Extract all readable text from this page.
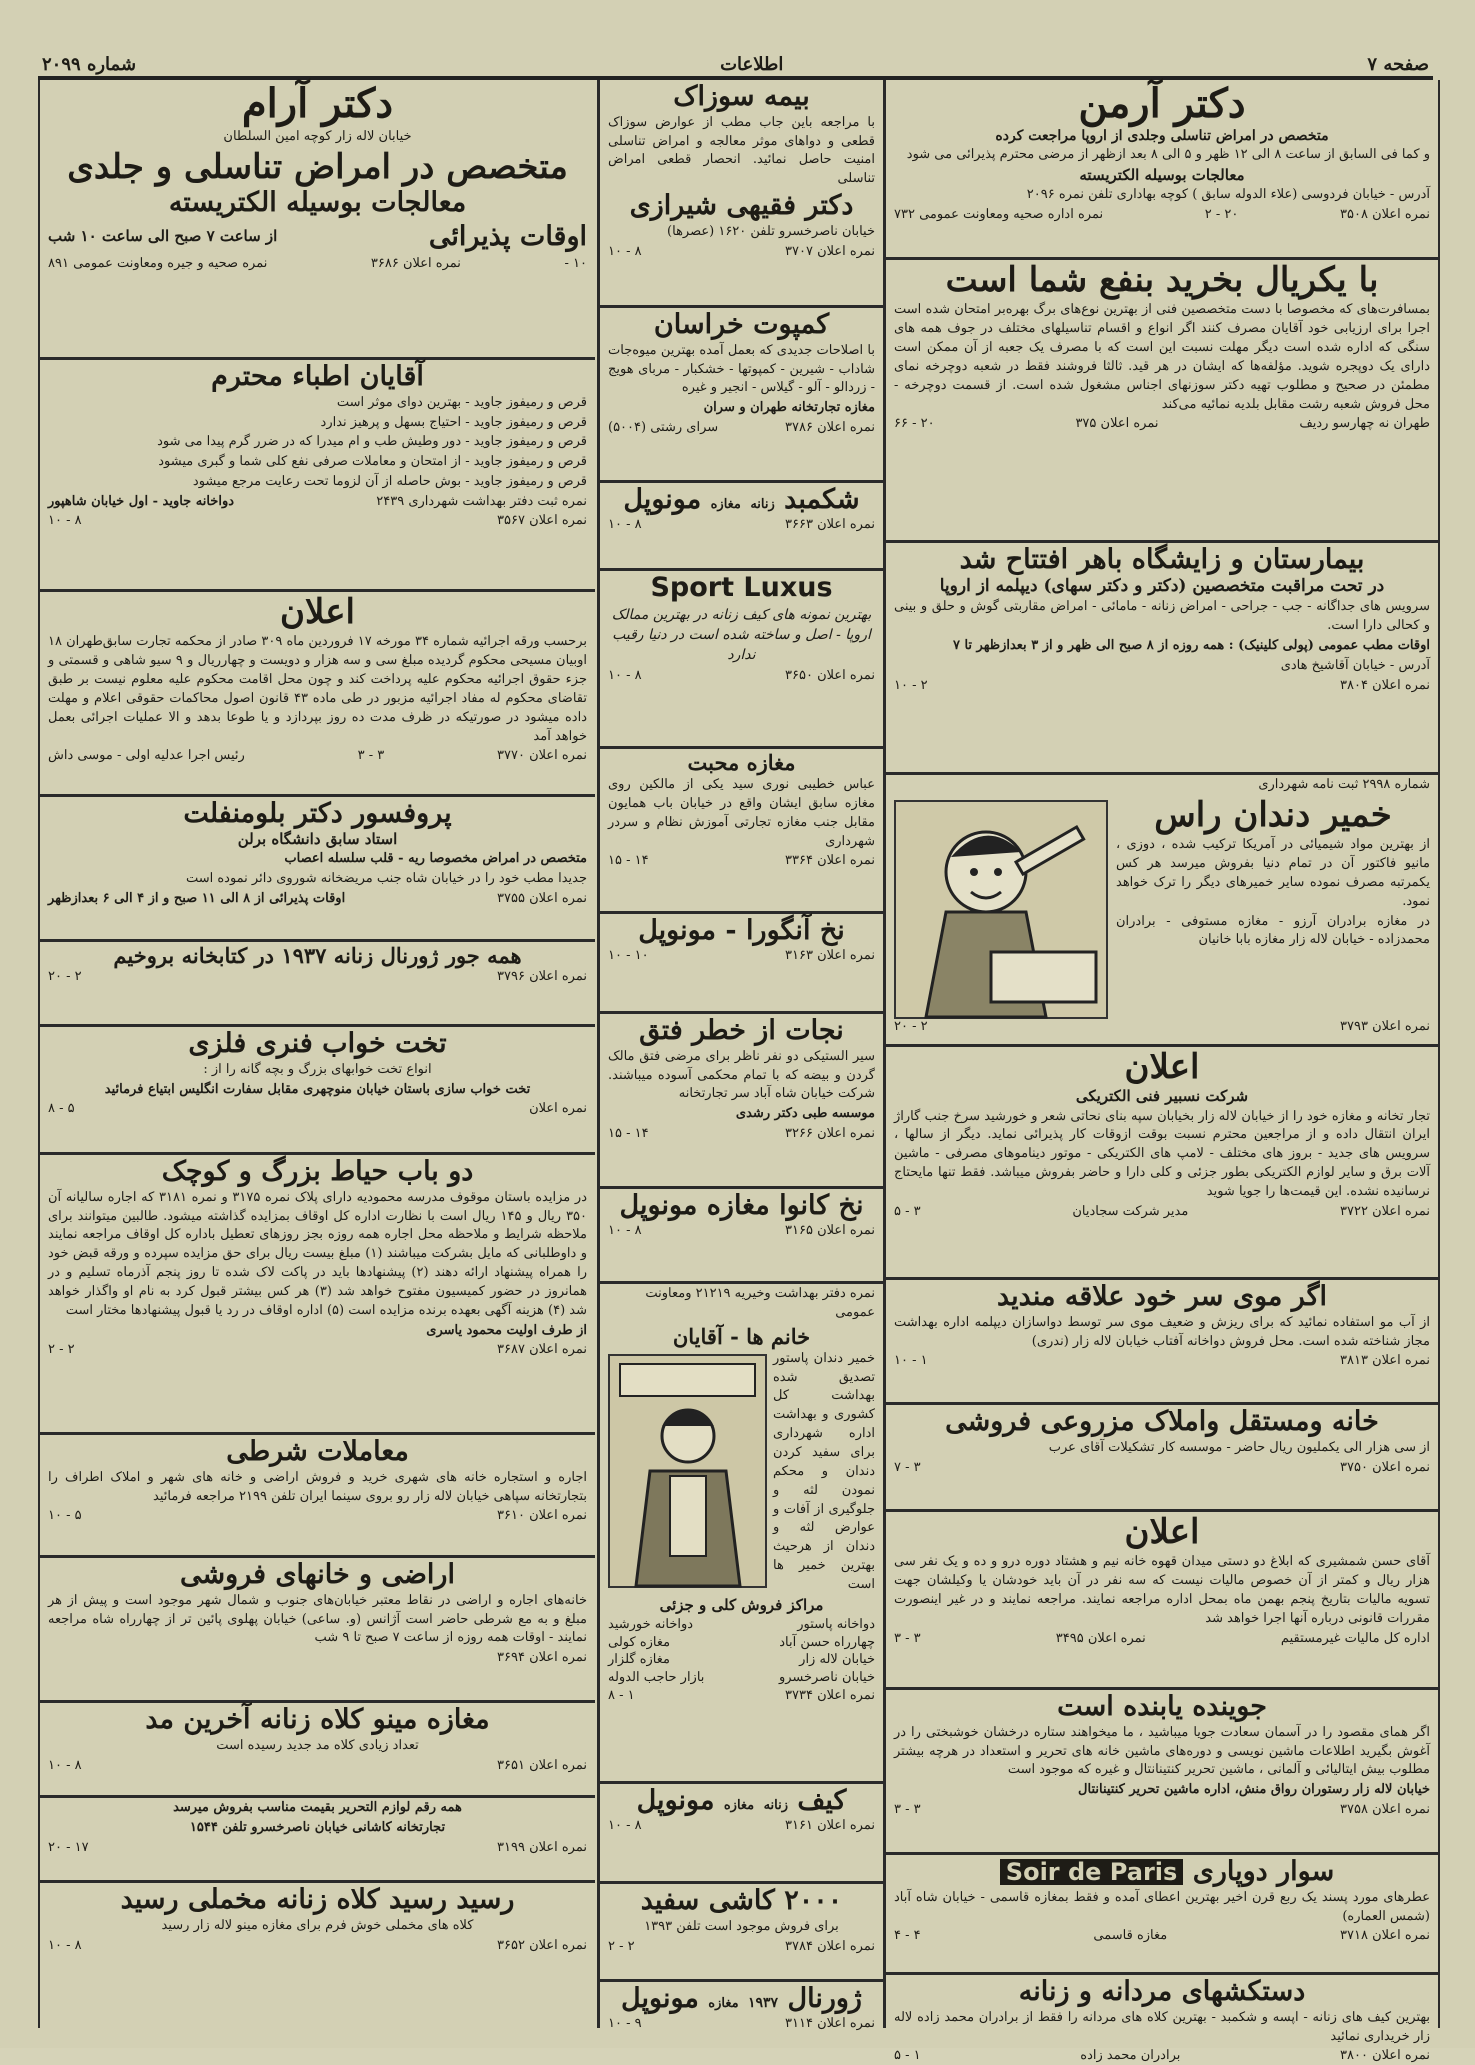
صفحه ۷
اطلاعات
شماره ۲۰۹۹
دکتر آرمن
متخصص در امراض تناسلی وجلدی از اروپا مراجعت کرده
و کما فی السابق از ساعت ۸ الی ۱۲ ظهر و ۵ الی ۸ بعد ازظهر از مرضی محترم پذیرائی می شود
معالجات بوسیله الکتریسته
آدرس - خیابان فردوسی (علاء الدوله سابق ) کوچه بهاداری تلفن نمره ۲۰۹۶
نمره اعلان ۳۵۰۸
۲۰ - ۲
نمره اداره صحیه ومعاونت عمومی ۷۳۲
با یکریال بخرید بنفع شما است
بمسافرت‌های که مخصوصا با دست متخصصین فنی از بهترین نوع‌های برگ بهره‌بر امتحان شده است اجرا برای ارزیابی خود آقایان مصرف کنند اگر انواع و اقسام تناسیلهای مختلف در جوف همه های سنگی که اداره شده است دیگر مهلت نسبت این است که با مصرف یک جعبه از آن ممکن است دارای یک دوپجره شوید. مؤلفه‌ها که ایشان در هر قید. ثالثا فروشند فقط در شعبه دوچرخه نمای مطمئن در صحیح و مطلوب تهیه دکتر سوزنهای اجناس مشغول شده است. از قسمت دوچرخه - محل فروش شعبه رشت مقابل بلدیه نمائیه می‌کند
طهران نه چهارسو ردیف
نمره اعلان ۳۷۵
۲۰ - ۶۶
بیمارستان و زایشگاه باهر افتتاح شد
در تحت مراقبت متخصصین (دکتر و دکتر سهای) دیپلمه از اروپا
سرویس های جداگانه - جب - جراحی - امراض زنانه - مامائی - امراض مقاربتی گوش و حلق و بینی و کحالی دارا است.
اوقات مطب عمومی (پولی کلینیک) : همه روزه از ۸ صبح الی ظهر و از ۳ بعدازظهر تا ۷
آدرس - خیابان آقاشیخ هادی
نمره اعلان ۳۸۰۴
۲ - ۱۰
شماره ۲۹۹۸ ثبت نامه شهرداری
خمیر دندان راس
از بهترین مواد شیمیائی در آمریکا ترکیب شده ، دوزی ، مانیو فاکتور آن در تمام دنیا بفروش میرسد هر کس یکمرتبه مصرف نموده سایر خمیرهای دیگر را ترک خواهد نمود.
در مغازه برادران آرزو - مغازه مستوفی - برادران محمدزاده - خیابان لاله زار مغازه بابا خانیان
نمره اعلان ۳۷۹۳
۲ - ۲۰
اعلان
شرکت نسبیر فنی الکتریکی
تجار تخانه و مغازه خود را از خیابان لاله زار بخیابان سپه بنای نحاتی شعر و خورشید سرخ جنب گاراژ ایران انتقال داده و از مراجعین محترم نسبت بوقت ازوقات کار پذیرائی نماید. دیگر از سالها ، سرویس های جدید - بروز های مختلف - لامپ های الکتریکی - موتور دیناموهای مصرفی - ماشین آلات برق و سایر لوازم الکتریکی بطور جزئی و کلی دارا و حاضر بفروش میباشد. فقط تنها مایحتاج نرسانیده نشده. این قیمت‌ها را جویا شوید
نمره اعلان ۳۷۲۲
مدیر شرکت سجادیان
۳ - ۵
اگر موی سر خود علاقه مندید
از آب مو استفاده نمائید که برای ریزش و ضعیف موی سر توسط دواسازان دیپلمه اداره بهداشت مجاز شناخته شده است. محل فروش دواخانه آفتاب خیابان لاله زار (ندری)
نمره اعلان ۳۸۱۳
۱ - ۱۰
خانه ومستقل واملاک مزروعی فروشی
از سی هزار الی یکملیون ریال حاضر - موسسه کار تشکیلات آقای عرب
نمره اعلان ۳۷۵۰
۳ - ۷
اعلان
آقای حسن شمشیری که ابلاغ دو دستی میدان قهوه خانه نیم و هشتاد دوره درو و ده و یک نفر سی هزار ریال و کمتر از آن خصوص مالیات نیست که سه نفر در آن باید خودشان یا وکیلشان جهت تسویه مالیات بتاریخ پنجم بهمن ماه بمحل اداره مراجعه نمایند. مراجعه نمایند و در غیر اینصورت مقررات قانونی درباره آنها اجرا خواهد شد
اداره کل مالیات غیرمستقیم
نمره اعلان ۳۴۹۵
۳ - ۳
جوینده یابنده است
اگر همای مقصود را در آسمان سعادت جویا میباشید ، ما میخواهند ستاره درخشان خوشبختی را در آغوش بگیرید اطلاعات ماشین نویسی و دوره‌های ماشین خانه های تحریر و استعداد در هرچه بیشتر مطلوب بیش ایتالیائی و آلمانی ، ماشین تحریر کنتینانتال و غیره که موجود است
خیابان لاله زار رستوران رواق منش، اداره ماشین تحریر کنتینانتال
نمره اعلان ۳۷۵۸
۳ - ۳
سوار دوپاری Soir de Paris
عطرهای مورد پسند یک ربع قرن اخیر بهترین اعطای آمده و فقط بمغازه قاسمی - خیابان شاه آباد (شمس العماره)
نمره اعلان ۳۷۱۸
مغازه قاسمی
۴ - ۴
دستکشهای مردانه و زنانه
بهترین کیف های زنانه - اپسه و شکمبد - بهترین کلاه های مردانه را فقط از برادران محمد زاده لاله زار خریداری نمائید
نمره اعلان ۳۸۰۰
برادران محمد زاده
۱ - ۵
بیمه سوزاک
با مراجعه باین جاب مطب از عوارض سوزاک قطعی و دواهای موثر معالجه و امراض تناسلی امنیت حاصل نمائید. انحصار قطعی امراض تناسلی
دکتر فقیهی شیرازی
خیابان ناصرخسرو تلفن ۱۶۲۰ (عصرها)
نمره اعلان ۳۷۰۷
۸ - ۱۰
کمپوت خراسان
با اصلاحات جدیدی که بعمل آمده بهترین میوه‌جات شاداب - شیرین - کمپوتها - خشکبار - مربای هویج - زردالو - آلو - گیلاس - انجیر و غیره
مغازه تجارتخانه طهران و سران
نمره اعلان ۳۷۸۶
سرای رشتی (۵۰۰۴)
شکمبد زنانه مغازه مونوپل
نمره اعلان ۳۶۶۳
۸ - ۱۰
Sport Luxus
بهترین نمونه های کیف زنانه در بهترین ممالک اروپا - اصل و ساخته شده است در دنیا رقیب ندارد
نمره اعلان ۳۶۵۰
۸ - ۱۰
مغازه محبت
عباس خطیبی نوری سید یکی از مالکین روی مغازه سابق ایشان واقع در خیابان باب همایون مقابل جنب مغازه تجارتی آموزش نظام و سردر شهرداری
نمره اعلان ۳۳۶۴
۱۴ - ۱۵
نخ آنگورا - مونوپل
نمره اعلان ۳۱۶۳
۱۰ - ۱۰
نجات از خطر فتق
سیر الستیکی دو نفر ناظر برای مرضی فتق مالک گردن و بیضه که با تمام محکمی آسوده میباشند. شرکت خیابان شاه آباد سر تجارتخانه
موسسه طبی دکتر رشدی
نمره اعلان ۳۲۶۶
۱۴ - ۱۵
نخ کانوا مغازه مونوپل
نمره اعلان ۳۱۶۵
۸ - ۱۰
نمره دفتر بهداشت وخیریه ۲۱۲۱۹ ومعاونت عمومی
خانم ها - آقایان
خمیر دندان پاستور تصدیق شده بهداشت کل کشوری و بهداشت اداره شهرداری برای سفید کردن دندان و محکم نمودن لثه و جلوگیری از آفات و عوارض لثه و دندان از هرحیث بهترین خمیر ها است
مراکز فروش کلی و جزئی
دواخانه پاستور
دواخانه خورشید
چهارراه حسن آباد
مغازه کولی
خیابان لاله زار
مغازه گلزار
خیابان ناصرخسرو
بازار حاجب الدوله
نمره اعلان ۳۷۳۴
۱ - ۸
کیف زنانه مغازه مونوپل
نمره اعلان ۳۱۶۱
۸ - ۱۰
۲۰۰۰ کاشی سفید
برای فروش موجود است تلفن ۱۳۹۳
نمره اعلان ۳۷۸۴
۲ - ۲
ژورنال ۱۹۳۷ مغازه مونوپل
نمره اعلان ۳۱۱۴
۹ - ۱۰
دکتر آرام
خیابان لاله زار کوچه امین السلطان
متخصص در امراض تناسلی و جلدی
معالجات بوسیله الکتریسته
اوقات پذیرائی
از ساعت ۷ صبح الی ساعت ۱۰ شب
۱۰ -
نمره اعلان ۳۶۸۶
نمره صحیه و جیره ومعاونت عمومی ۸۹۱
آقایان اطباء محترم
قرص و رمیفوز جاوید - بهترین دوای موثر است
قرص و رمیفوز جاوید - احتیاج بسهل و پرهیز ندارد
قرص و رمیفوز جاوید - دور وطیش طب و ام میدرا که در ضرر گرم پیدا می شود
قرص و رمیفوز جاوید - از امتحان و معاملات صرفی نفع کلی شما و گبری میشود
قرص و رمیفوز جاوید - بوش حاصله از آن لزوما تحت رعایت مرجع میشود
نمره ثبت دفتر بهداشت شهرداری ۲۴۳۹
دواخانه جاوید - اول خیابان شاهپور
نمره اعلان ۳۵۶۷
۸ - ۱۰
اعلان
برحسب ورقه اجرائیه شماره ۳۴ مورخه ۱۷ فروردین ماه ۳۰۹ صادر از محکمه تجارت سابق‌طهران‌ ۱۸ اوبیان مسیحی محکوم گردیده مبلغ سی و سه هزار و دویست و چهارریال و ۹ سیو شاهی و قسمتی و جزء حقوق اجرائیه محکوم علیه پرداخت کند و چون محل اقامت محکوم علیه معلوم نیست بر طبق تقاضای محکوم له مفاد اجرائیه مزبور در طی ماده ۴۳ قانون اصول محاکمات حقوقی اعلام و مهلت داده میشود در صورتیکه در ظرف مدت ده روز بپردازد و یا طوعا بدهد و الا عملیات اجرائی بعمل خواهد آمد
نمره اعلان ۳۷۷۰
۳ - ۳
رئیس اجرا عدلیه اولی - موسی داش
پروفسور دکتر بلومنفلت
استاد سابق دانشگاه برلن
متخصص در امراض مخصوصا ریه - قلب سلسله اعصاب
جدیدا مطب خود را در خیابان شاه جنب مریضخانه شوروی دائر نموده است
نمره اعلان ۳۷۵۵
اوقات پذیرائی از ۸ الی ۱۱ صبح و از ۴ الی ۶ بعدازظهر
همه جور ژورنال زنانه ۱۹۳۷ در کتابخانه بروخیم
نمره اعلان ۳۷۹۶
۲ - ۲۰
تخت خواب فنری فلزی
انواع تخت خوابهای بزرگ و بچه گانه را از :
تخت خواب سازی باستان خیابان منوچهری مقابل سفارت انگلیس ابتیاع فرمائید
نمره اعلان
۵ - ۸
دو باب حیاط بزرگ و کوچک
در مزایده باستان موقوف مدرسه محمودیه دارای پلاک نمره ۳۱۷۵ و نمره ۳۱۸۱ که اجاره سالیانه آن ۳۵۰ ریال و ۱۴۵ ریال است با نظارت اداره کل اوقاف بمزایده گذاشته میشود. طالبین میتوانند برای ملاحظه شرایط و ملاحظه محل اجاره همه روزه بجز روزهای تعطیل باداره کل اوقاف مراجعه نمایند و داوطلبانی که مایل بشرکت میباشند (۱) مبلغ بیست ریال برای حق مزایده سپرده و ورقه قبض خود را همراه پیشنهاد ارائه دهند (۲) پیشنهادها باید در پاکت لاک شده تا روز پنجم آذرماه تسلیم و در همانروز در حضور کمیسیون مفتوح خواهد شد (۳) هر کس بیشتر قبول کرد به نام او واگذار خواهد شد (۴) هزینه آگهی بعهده برنده مزایده است (۵) اداره اوقاف در رد یا قبول پیشنهادها مختار است
از طرف اولیت محمود یاسری
نمره اعلان ۳۶۸۷
۲ - ۲
معاملات شرطی
اجاره و استجاره خانه های شهری خرید و فروش اراضی و خانه های شهر و املاک اطراف را بتجارتخانه سپاهی خیابان لاله زار رو بروی سینما ایران تلفن ۲۱۹۹ مراجعه فرمائید
نمره اعلان ۳۶۱۰
۵ - ۱۰
اراضی و خانهای فروشی
خانه‌های اجاره و اراضی در نقاط معتبر خیابان‌های جنوب و شمال شهر موجود است و پیش از هر مبلغ و به مع شرطی حاضر است آژانس (و. ساعی) خیابان پهلوی پائین تر از چهارراه شاه مراجعه نمایند - اوقات همه روزه از ساعت ۷ صبح تا ۹ شب
نمره اعلان ۳۶۹۴
مغازه مینو کلاه زنانه آخرین مد
تعداد زیادی کلاه مد جدید رسیده است
نمره اعلان ۳۶۵۱
۸ - ۱۰
همه رقم لوازم التحریر بقیمت مناسب بفروش میرسد
تجارتخانه کاشانی خیابان ناصرخسرو تلفن ۱۵۴۴
نمره اعلان ۳۱۹۹
۱۷ - ۲۰
رسید رسید کلاه زنانه مخملی رسید
کلاه های مخملی خوش فرم برای مغازه مینو لاله زار رسید
نمره اعلان ۳۶۵۲
۸ - ۱۰
